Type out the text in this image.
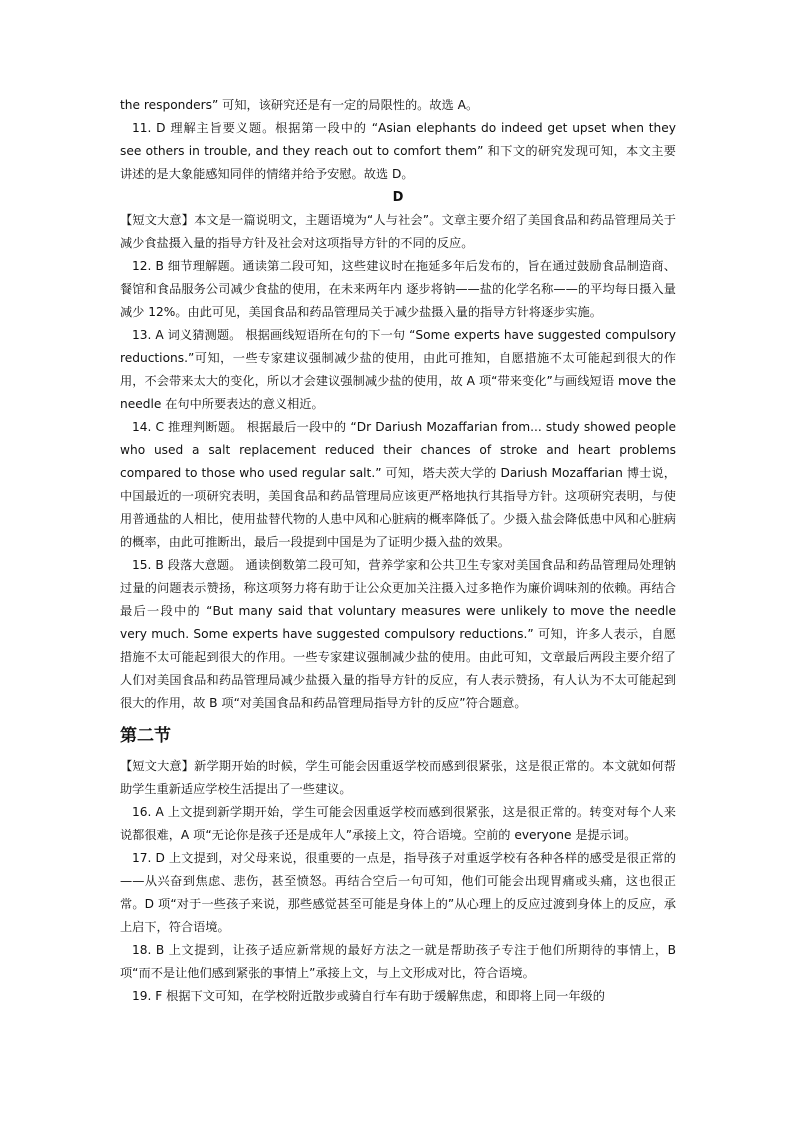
the responders” 可知，该研究还是有一定的局限性的。故选 A。

11. D 理解主旨要义题。根据第一段中的 “Asian elephants do indeed get upset when they see others in trouble, and they reach out to comfort them” 和下文的研究发现可知，本文主要讲述的是大象能感知同伴的情绪并给予安慰。故选 D。

D

【短文大意】本文是一篇说明文，主题语境为“人与社会”。文章主要介绍了美国食品和药品管理局关于减少食盐摄入量的指导方针及社会对这项指导方针的不同的反应。

12. B 细节理解题。通读第二段可知，这些建议时在拖延多年后发布的，旨在通过鼓励食品制造商、餐馆和食品服务公司减少食盐的使用，在未来两年内 逐步将钠——盐的化学名称——的平均每日摄入量减少 12%。由此可见，美国食品和药品管理局关于减少盐摄入量的指导方针将逐步实施。

13. A 词义猜测题。 根据画线短语所在句的下一句 “Some experts have suggested compulsory reductions.”可知，一些专家建议强制减少盐的使用，由此可推知，自愿措施不太可能起到很大的作用，不会带来太大的变化，所以才会建议强制减少盐的使用，故 A 项“带来变化”与画线短语 move the needle 在句中所要表达的意义相近。

14. C 推理判断题。 根据最后一段中的 “Dr Dariush Mozaffarian from... study showed people who used a salt replacement reduced their chances of stroke and heart problems compared to those who used regular salt.” 可知，塔夫茨大学的 Dariush Mozaffarian 博士说，中国最近的一项研究表明，美国食品和药品管理局应该更严格地执行其指导方针。这项研究表明，与使用普通盐的人相比，使用盐替代物的人患中风和心脏病的概率降低了。少摄入盐会降低患中风和心脏病的概率，由此可推断出，最后一段提到中国是为了证明少摄入盐的效果。

15. B 段落大意题。 通读倒数第二段可知，营养学家和公共卫生专家对美国食品和药品管理局处理钠过量的问题表示赞扬，称这项努力将有助于让公众更加关注摄入过多艳作为廉价调味剂的依赖。再结合最后一段中的 “But many said that voluntary measures were unlikely to move the needle very much. Some experts have suggested compulsory reductions.” 可知，许多人表示，自愿措施不太可能起到很大的作用。一些专家建议强制减少盐的使用。由此可知，文章最后两段主要介绍了人们对美国食品和药品管理局减少盐摄入量的指导方针的反应，有人表示赞扬，有人认为不太可能起到很大的作用，故 B 项“对美国食品和药品管理局指导方针的反应”符合题意。

第二节

【短文大意】新学期开始的时候，学生可能会因重返学校而感到很紧张，这是很正常的。本文就如何帮助学生重新适应学校生活提出了一些建议。

16. A 上文提到新学期开始，学生可能会因重返学校而感到很紧张，这是很正常的。转变对每个人来说都很难，A 项“无论你是孩子还是成年人”承接上文，符合语境。空前的 everyone 是提示词。

17. D 上文提到，对父母来说，很重要的一点是，指导孩子对重返学校有各种各样的感受是很正常的——从兴奋到焦虑、悲伤，甚至愤怒。再结合空后一句可知，他们可能会出现胃痛或头痛，这也很正常。D 项“对于一些孩子来说，那些感觉甚至可能是身体上的”从心理上的反应过渡到身体上的反应，承上启下，符合语境。

18. B 上文提到，让孩子适应新常规的最好方法之一就是帮助孩子专注于他们所期待的事情上，B 项“而不是让他们感到紧张的事情上”承接上文，与上文形成对比，符合语境。

19. F 根据下文可知，在学校附近散步或骑自行车有助于缓解焦虑，和即将上同一年级的
